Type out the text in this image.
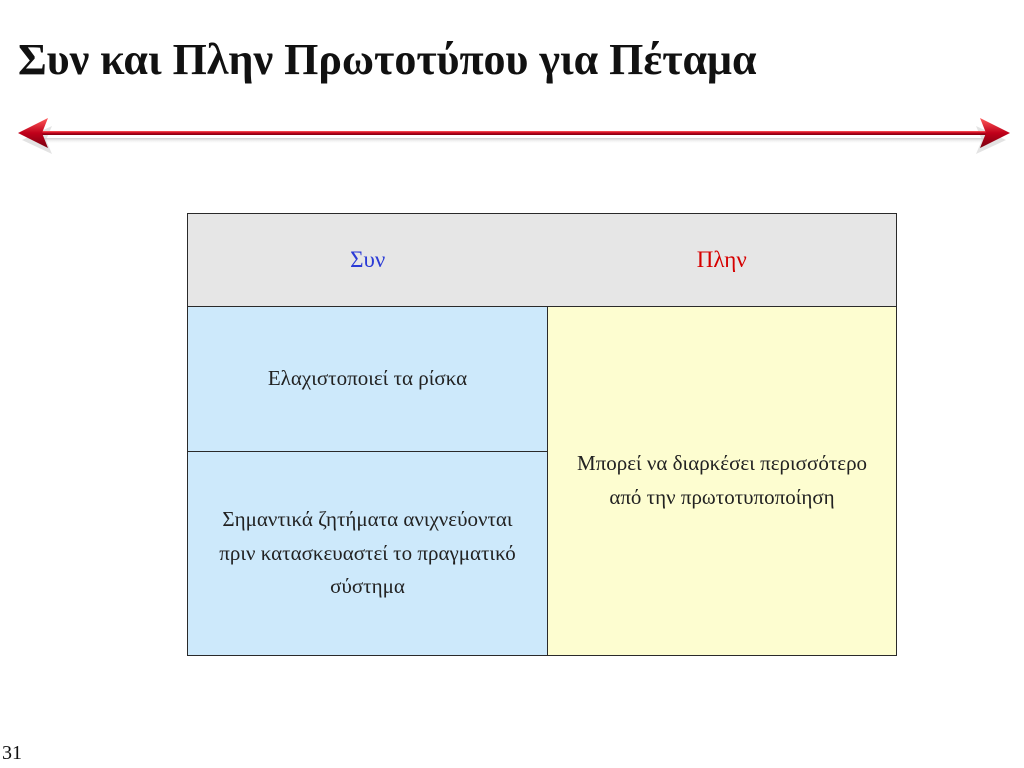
Συν και Πλην Πρωτοτύπου για Πέταμα
Συν	Πλην
Ελαχιστοποιεί τα ρίσκα	Μπορεί να διαρκέσει περισσότερο από την πρωτοτυποποίηση
Σημαντικά ζητήματα ανιχνεύονται πριν κατασκευαστεί το πραγματικό σύστημα	
31
